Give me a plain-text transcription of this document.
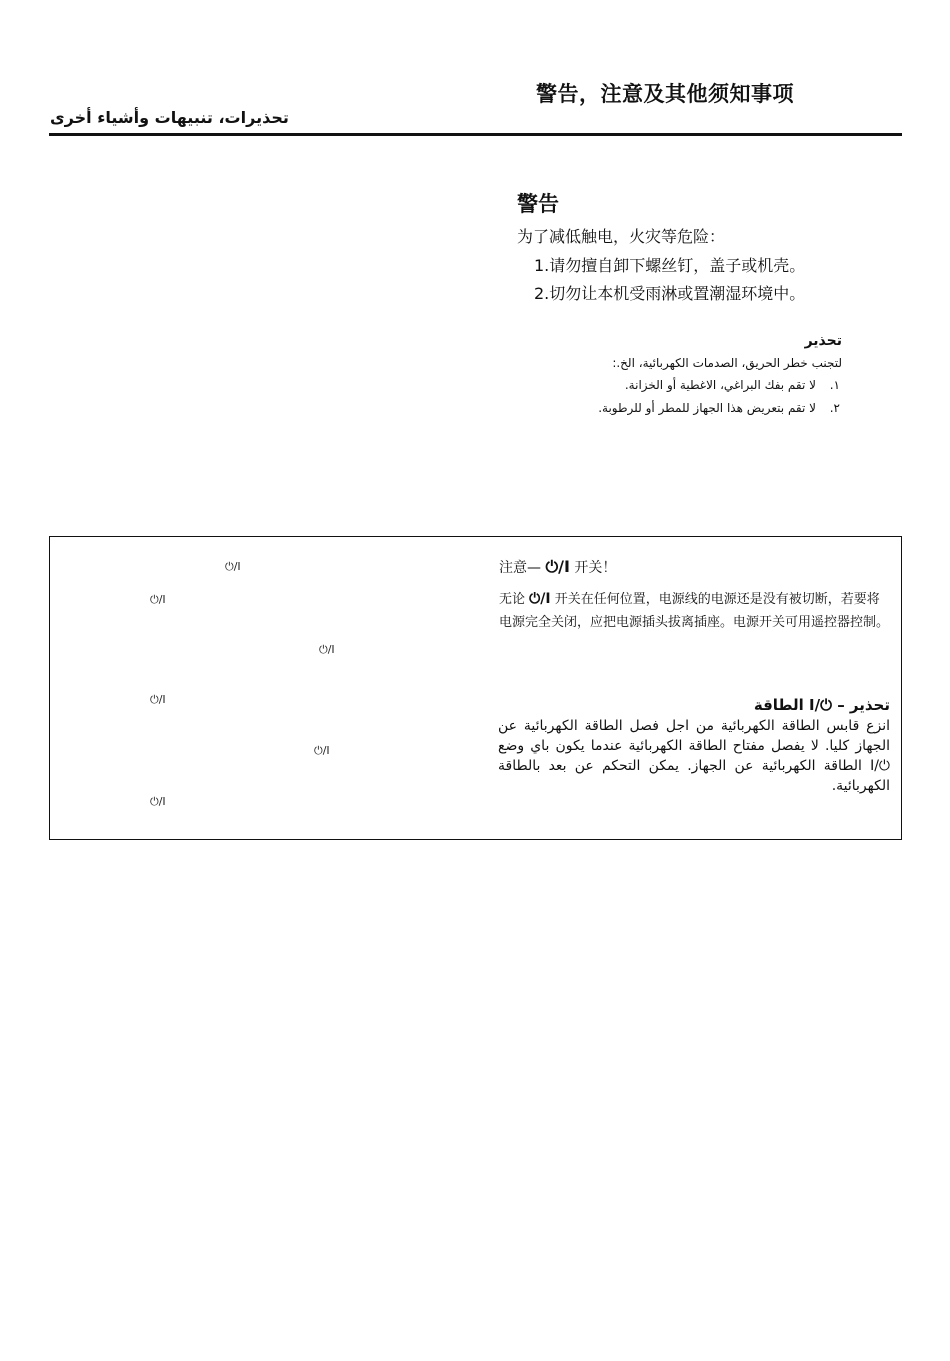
警告，注意及其他须知事项
تحذيرات، تنبيهات وأشياء أخرى
警告
为了减低触电，火灾等危险：
1.请勿擅自卸下螺丝钉，盖子或机壳。
2.切勿让本机受雨淋或置潮湿环境中。
تحذير
لتجنب خطر الحريق، الصدمات الكهربائية، الخ.:
لا تقم بفك البراغي، الاغطية أو الخزانة. .١
لا تقم بتعريض هذا الجهاز للمطر أو للرطوبة. .٢
⏻/I
⏻/I
⏻/I
⏻/I
⏻/I
⏻/I
注意— ⏻/Ⅰ 开关！
无论 ⏻/Ⅰ 开关在任何位置，电源线的电源还是没有被切断，若要将电源完全关闭，应把电源插头拔离插座。电源开关可用遥控器控制。
تحذير – ⏻/I الطاقة
انزع قابس الطاقة الكهربائية من اجل فصل الطاقة الكهربائية عن الجهاز كليا. لا يفصل مفتاح الطاقة الكهربائية عندما يكون باي وضع ⏻/I الطاقة الكهربائية عن الجهاز. يمكن التحكم عن بعد بالطاقة الكهربائية.
